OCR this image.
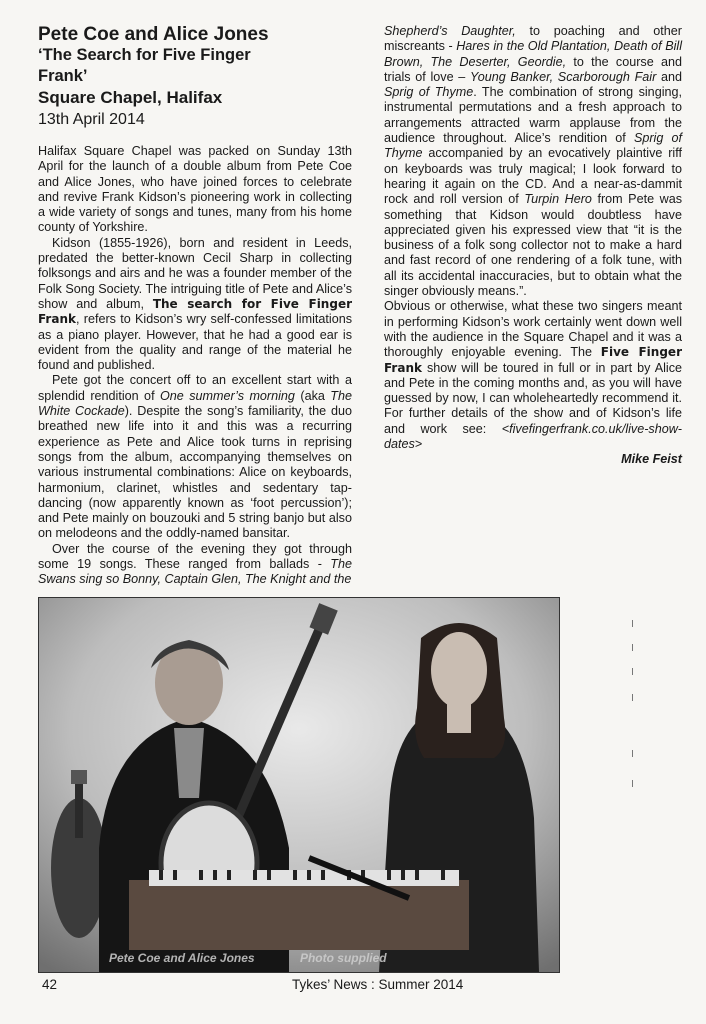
Pete Coe and Alice Jones
‘The Search for Five Finger
Frank’
Square Chapel, Halifax
13th April 2014

Halifax Square Chapel was packed on Sunday 13th April for the launch of a double album from Pete Coe and Alice Jones, who have joined forces to celebrate and revive Frank Kidson’s pioneering work in collecting a wide variety of songs and tunes, many from his home county of Yorkshire.

Kidson (1855-1926), born and resident in Leeds, predated the better-known Cecil Sharp in collecting folksongs and airs and he was a founder member of the Folk Song Society. The intriguing title of Pete and Alice’s show and album, The search for Five Finger Frank, refers to Kidson’s wry self-confessed limitations as a piano player. However, that he had a good ear is evident from the quality and range of the material he found and published.

Pete got the concert off to an excellent start with a splendid rendition of One summer’s morning (aka The White Cockade). Despite the song’s familiarity, the duo breathed new life into it and this was a recurring experience as Pete and Alice took turns in reprising songs from the album, accompanying themselves on various instrumental combinations: Alice on keyboards, harmonium, clarinet, whistles and sedentary tap-dancing (now apparently known as ‘foot percussion’); and Pete mainly on bouzouki and 5 string banjo but also on melodeons and the oddly-named bansitar.

Over the course of the evening they got through some 19 songs. These ranged from ballads - The Swans sing so Bonny, Captain Glen, The Knight and the

Shepherd’s Daughter, to poaching and other miscreants - Hares in the Old Plantation, Death of Bill Brown, The Deserter, Geordie, to the course and trials of love – Young Banker, Scarborough Fair and Sprig of Thyme. The combination of strong singing, instrumental permutations and a fresh approach to arrangements attracted warm applause from the audience throughout. Alice’s rendition of Sprig of Thyme accompanied by an evocatively plaintive riff on keyboards was truly magical; I look forward to hearing it again on the CD. And a near-as-dammit rock and roll version of Turpin Hero from Pete was something that Kidson would doubtless have appreciated given his expressed view that “it is the business of a folk song collector not to make a hard and fast record of one rendering of a folk tune, with all its accidental inaccuracies, but to obtain what the singer obviously means.”.

Obvious or otherwise, what these two singers meant in performing Kidson’s work certainly went down well with the audience in the Square Chapel and it was a thoroughly enjoyable evening. The Five Finger Frank show will be toured in full or in part by Alice and Pete in the coming months and, as you will have guessed by now, I can wholeheartedly recommend it. For further details of the show and of Kidson’s life and work see: <fivefingerfrank.co.uk/live-show-dates>

Mike Feist

Pete Coe and Alice Jones	Photo supplied
42	Tykes’ News : Summer 2014
